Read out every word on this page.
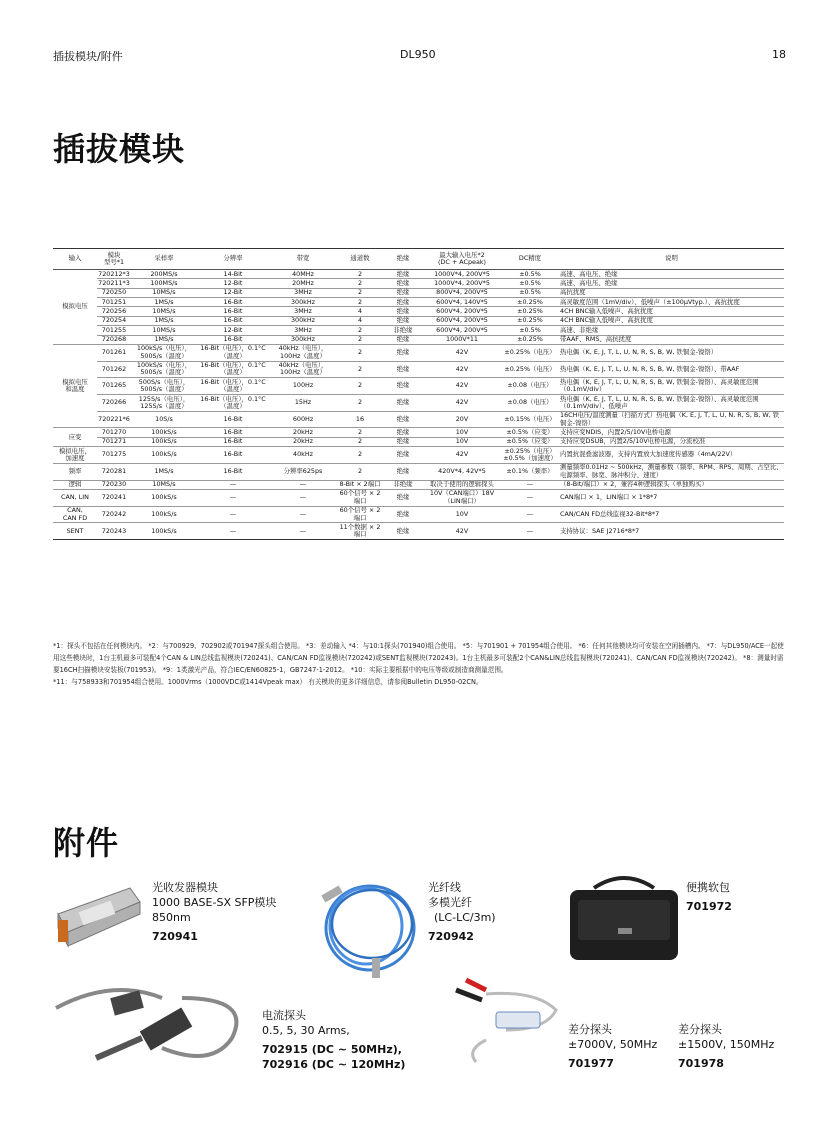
插拔模块/附件	DL950	18
插拔模块
输入	模块
型号*1	采样率	分辨率	带宽	通道数	绝缘	最大输入电压*2
(DC + ACpeak)	DC精度	说明
模拟电压	720212*3	200MS/s	14-Bit	40MHz	2	绝缘	1000V*4, 200V*5	±0.5%	高速、高电压、绝缘
	720211*3	100MS/s	12-Bit	20MHz	2	绝缘	1000V*4, 200V*5	±0.5%	高速、高电压、绝缘
	720250	10MS/s	12-Bit	3MHz	2	绝缘	800V*4, 200V*5	±0.5%	高抗扰度
	701251	1MS/s	16-Bit	300kHz	2	绝缘	600V*4, 140V*5	±0.25%	高灵敏度范围（1mV/div）、低噪声（±100μVtyp.）、高抗扰度
	720256	10MS/s	16-Bit	3MHz	4	绝缘	600V*4, 200V*5	±0.25%	4CH BNC输入低噪声、高抗扰度
	720254	1MS/s	16-Bit	300kHz	4	绝缘	600V*4, 200V*5	±0.25%	4CH BNC输入低噪声、高抗扰度
	701255	10MS/s	12-Bit	3MHz	2	非绝缘	600V*4, 200V*5	±0.5%	高速、非绝缘
	720268	1MS/s	16-Bit	300kHz	2	绝缘	1000V*11	±0.25%	带AAF、RMS、高抗扰度
模拟电压
和温度	701261	100kS/s（电压），500S/s（温度）	16-Bit（电压），0.1°C（温度）	40kHz（电压），100Hz（温度）	2	绝缘	42V	±0.25%（电压）	热电偶（K, E, J, T, L, U, N, R, S, B, W, 铁铜金-镍铬）
	701262	100kS/s（电压），500S/s（温度）	16-Bit（电压），0.1°C（温度）	40kHz（电压），100Hz（温度）	2	绝缘	42V	±0.25%（电压）	热电偶（K, E, J, T, L, U, N, R, S, B, W, 铁铜金-镍铬）、带AAF
	701265	500S/s（电压），500S/s（温度）	16-Bit（电压），0.1°C（温度）	100Hz	2	绝缘	42V	±0.08（电压）	热电偶（K, E, J, T, L, U, N, R, S, B, W, 铁铜金-镍铬）、高灵敏度范围（0.1mV/div）
	720266	125S/s（电压），125S/s（温度）	16-Bit（电压），0.1°C（温度）	15Hz	2	绝缘	42V	±0.08（电压）	热电偶（K, E, J, T, L, U, N, R, S, B, W, 铁铜金-镍铬）、高灵敏度范围（0.1mV/div）、低噪声
	720221*6	10S/s	16-Bit	600Hz	16	绝缘	20V	±0.15%（电压）	16CH电压/温度测量（扫描方式）热电偶（K, E, J, T, L, U, N, R, S, B, W, 铁铜金-镍铬）
应变	701270	100kS/s	16-Bit	20kHz	2	绝缘	10V	±0.5%（应变）	支持应变NDIS，内置2/5/10V电桥电源
	701271	100kS/s	16-Bit	20kHz	2	绝缘	10V	±0.5%（应变）	支持应变DSUB，内置2/5/10V电桥电源，分流校准
模拟电压，
加速度	701275	100kS/s	16-Bit	40kHz	2	绝缘	42V	±0.25%（电压）±0.5%（加速度）	内置抗混叠滤波器，支持内置放大加速度传感器（4mA/22V）
频率	720281	1MS/s	16-Bit	分辨率625ps	2	绝缘	420V*4, 42V*5	±0.1%（频率）	测量频率0.01Hz ~ 500kHz，测量参数（频率、RPM、RPS、周期、占空比、电源频率、脉宽、脉冲积分、速度）
逻辑	720230	10MS/s	—	—	8-Bit × 2端口	非绝缘	取决于使用的逻辑探头	—	（8-Bit/端口）× 2，兼容4种逻辑探头（单独购买）
CAN, LIN	720241	100kS/s	—	—	60个信号 × 2端口	绝缘	10V（CAN端口）18V（LIN端口）	—	CAN端口 × 1，LIN端口 × 1*8*7
CAN,
CAN FD	720242	100kS/s	—	—	60个信号 × 2端口	绝缘	10V	—	CAN/CAN FD总线监视32-Bit*8*7
SENT	720243	100kS/s	—	—	11个数据 × 2端口	绝缘	42V	—	支持协议：SAE J2716*8*7
*1：探头不包括在任何模块内。 *2：与700929、702902或701947探头组合使用。 *3：差动输入 *4：与10:1探头(701940)组合使用。 *5：与701901 + 701954组合使用。 *6：任何其他模块均可安装在空闲插槽内。 *7：与DL950/ACE一起使用这些模块时，1台主机最多可装配4个CAN & LIN总线监视模块(720241)、CAN/CAN FD监视模块(720242)或SENT监视模块(720243)。1台主机最多可装配2个CAN&LIN总线监视模块(720241)、CAN/CAN FD监视模块(720242)。 *8：测量时需要16CH扫描模块安装板(701953)。 *9：1类激光产品，符合IEC/EN60825-1，GB7247-1-2012。 *10：实际主要根据中的电压等级或制造商测量范围。
*11：与758933和701954组合使用。1000Vrms（1000VDC或1414Vpeak max） 有关模块的更多详细信息，请参阅Bulletin DL950-02CN。
附件
光收发器模块
1000 BASE-SX SFP模块
850nm
720941
光纤线
多模光纤
(LC-LC/3m)
720942
便携软包
701972
电流探头
0.5, 5, 30 Arms,
702915 (DC ~ 50MHz),
702916 (DC ~ 120MHz)
差分探头
±7000V, 50MHz
701977
差分探头
±1500V, 150MHz
701978
